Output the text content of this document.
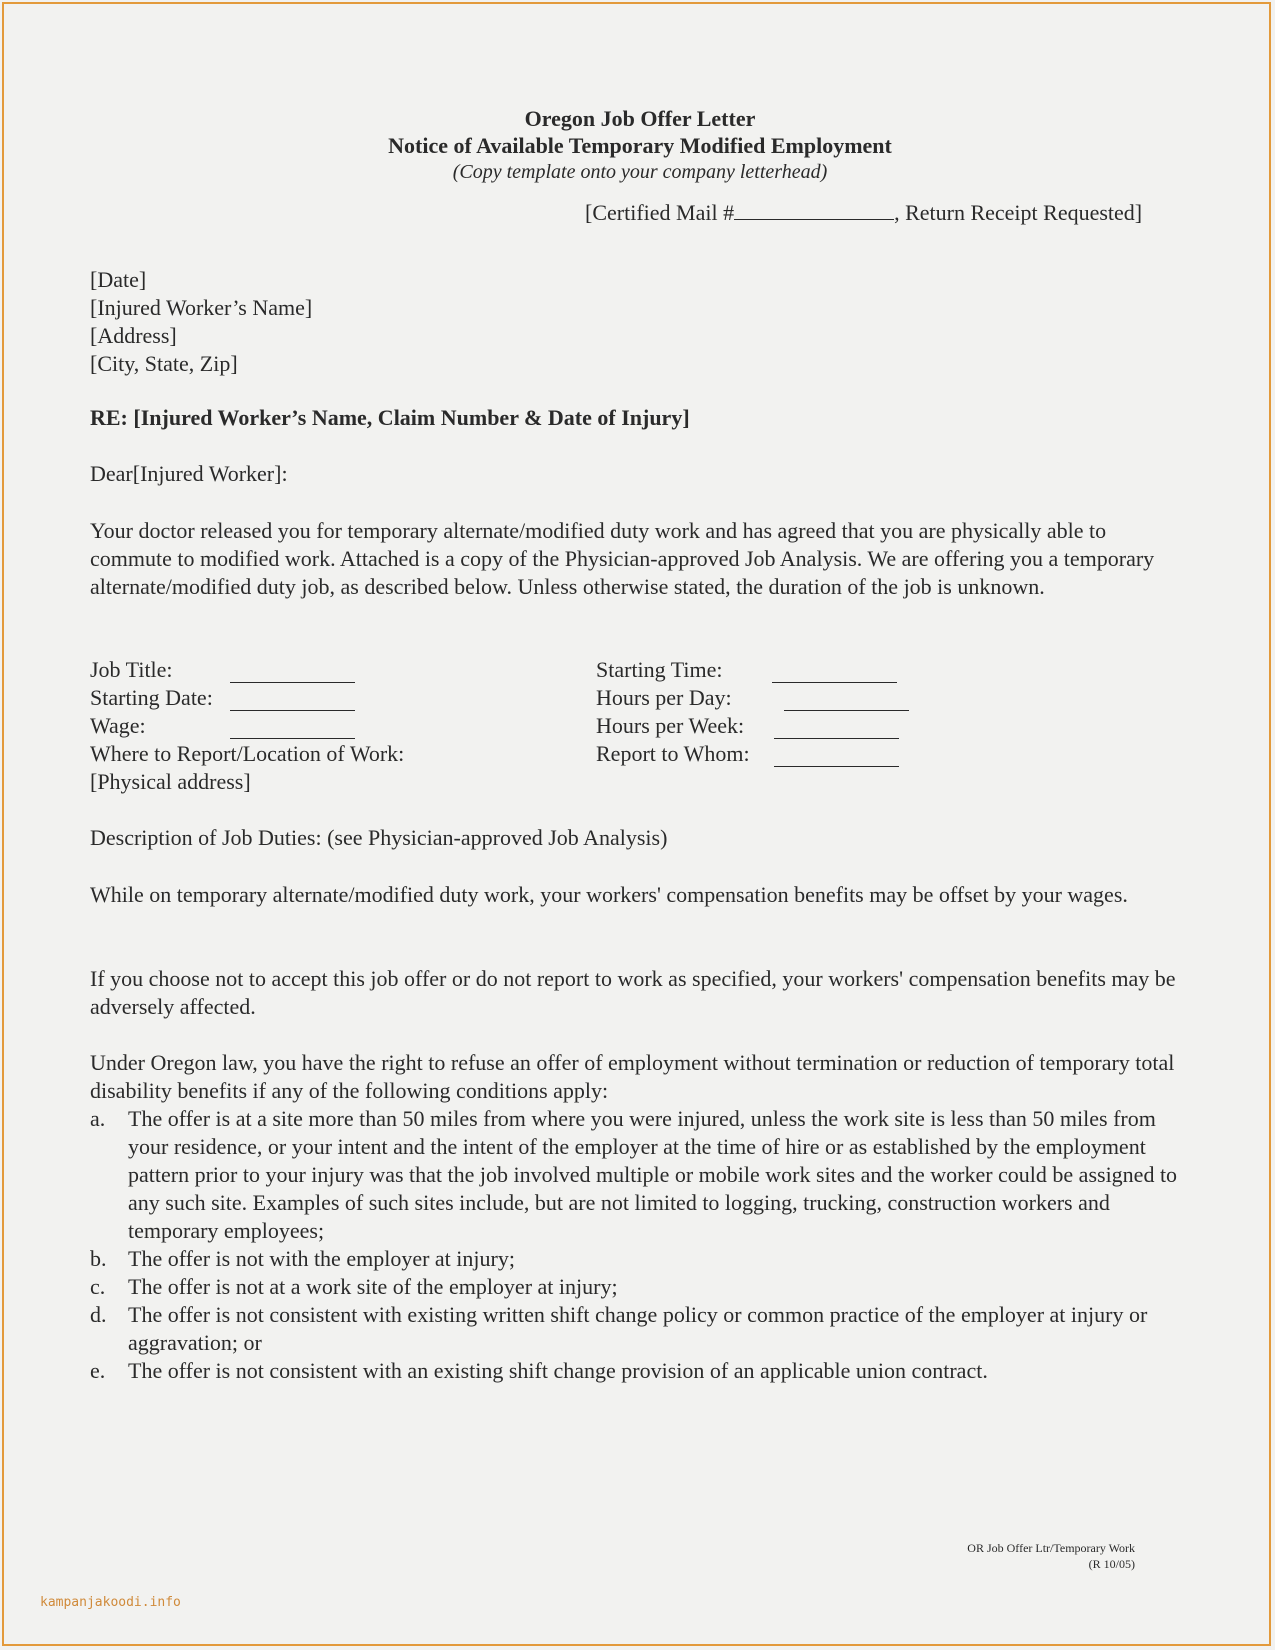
Oregon Job Offer Letter
Notice of Available Temporary Modified Employment
(Copy template onto your company letterhead)
[Certified Mail #	, Return Receipt Requested]
[Date]
[Injured Worker’s Name]
[Address]
[City, State, Zip]
RE: [Injured Worker’s Name, Claim Number & Date of Injury]
Dear[Injured Worker]:
Your doctor released you for temporary alternate/modified duty work and has agreed that you are physically able to commute to modified work. Attached is a copy of the Physician-approved Job Analysis. We are offering you a temporary alternate/modified duty job, as described below. Unless otherwise stated, the duration of the job is unknown.
Job Title:
Starting Date:
Wage:
Where to Report/Location of Work:
[Physical address]
Starting Time:
Hours per Day:
Hours per Week:
Report to Whom:
Description of Job Duties: (see Physician-approved Job Analysis)
While on temporary alternate/modified duty work, your workers' compensation benefits may be offset by your wages.
If you choose not to accept this job offer or do not report to work as specified, your workers' compensation benefits may be adversely affected.
Under Oregon law, you have the right to refuse an offer of employment without termination or reduction of temporary total disability benefits if any of the following conditions apply:
a. The offer is at a site more than 50 miles from where you were injured, unless the work site is less than 50 miles from your residence, or your intent and the intent of the employer at the time of hire or as established by the employment pattern prior to your injury was that the job involved multiple or mobile work sites and the worker could be assigned to any such site. Examples of such sites include, but are not limited to logging, trucking, construction workers and temporary employees;
b. The offer is not with the employer at injury;
c. The offer is not at a work site of the employer at injury;
d. The offer is not consistent with existing written shift change policy or common practice of the employer at injury or aggravation; or
e. The offer is not consistent with an existing shift change provision of an applicable union contract.
OR Job Offer Ltr/Temporary Work
(R 10/05)
kampanjakoodi.info
